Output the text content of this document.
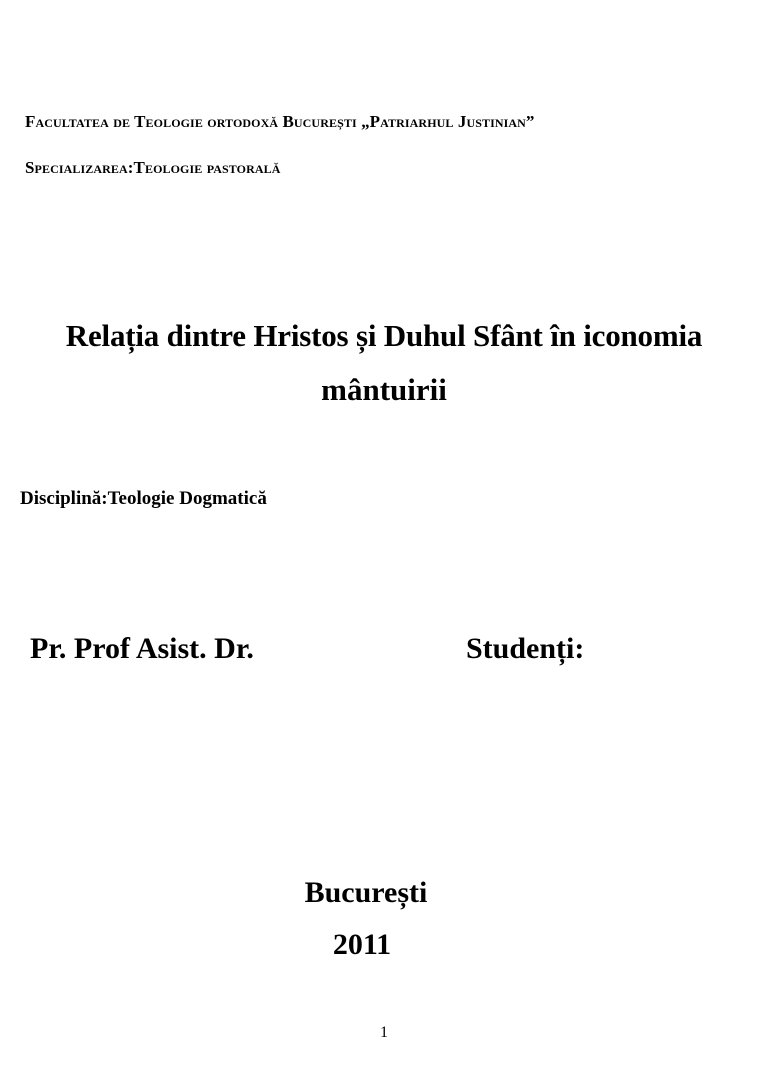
Facultatea de Teologie ortodoxă București „Patriarhul Justinian”
Specializarea:Teologie pastorală
Relația dintre Hristos și Duhul Sfânt în iconomia
mântuirii
Disciplină:Teologie Dogmatică
Pr. Prof Asist. Dr.	Studenți:
București
2011
1
